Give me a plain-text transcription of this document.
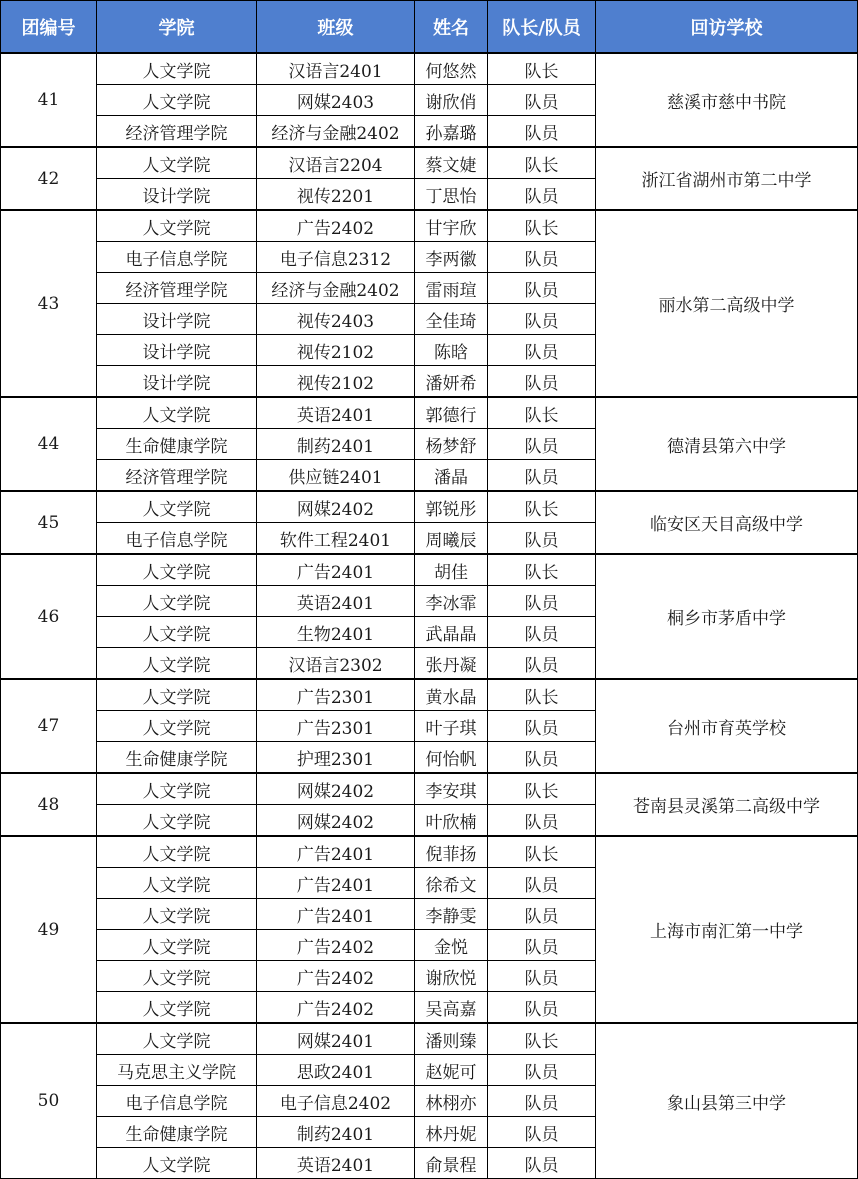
团编号	学院	班级	姓名	队长/队员	回访学校
41	人文学院	汉语言2401	何悠然	队长	慈溪市慈中书院
	人文学院	网媒2403	谢欣俏	队员	
	经济管理学院	经济与金融2402	孙嘉璐	队员	
42	人文学院	汉语言2204	蔡文婕	队长	浙江省湖州市第二中学
	设计学院	视传2201	丁思怡	队员	
43	人文学院	广告2402	甘宇欣	队长	丽水第二高级中学
	电子信息学院	电子信息2312	李两徽	队员	
	经济管理学院	经济与金融2402	雷雨瑄	队员	
	设计学院	视传2403	全佳琦	队员	
	设计学院	视传2102	陈晗	队员	
	设计学院	视传2102	潘妍希	队员	
44	人文学院	英语2401	郭德行	队长	德清县第六中学
	生命健康学院	制药2401	杨梦舒	队员	
	经济管理学院	供应链2401	潘晶	队员	
45	人文学院	网媒2402	郭锐彤	队长	临安区天目高级中学
	电子信息学院	软件工程2401	周曦辰	队员	
46	人文学院	广告2401	胡佳	队长	桐乡市茅盾中学
	人文学院	英语2401	李冰霏	队员	
	人文学院	生物2401	武晶晶	队员	
	人文学院	汉语言2302	张丹凝	队员	
47	人文学院	广告2301	黄水晶	队长	台州市育英学校
	人文学院	广告2301	叶子琪	队员	
	生命健康学院	护理2301	何怡帆	队员	
48	人文学院	网媒2402	李安琪	队长	苍南县灵溪第二高级中学
	人文学院	网媒2402	叶欣楠	队员	
49	人文学院	广告2401	倪菲扬	队长	上海市南汇第一中学
	人文学院	广告2401	徐希文	队员	
	人文学院	广告2401	李静雯	队员	
	人文学院	广告2402	金悦	队员	
	人文学院	广告2402	谢欣悦	队员	
	人文学院	广告2402	吴高嘉	队员	
50	人文学院	网媒2401	潘则臻	队长	象山县第三中学
	马克思主义学院	思政2401	赵妮可	队员	
	电子信息学院	电子信息2402	林栩亦	队员	
	生命健康学院	制药2401	林丹妮	队员	
	人文学院	英语2401	俞景程	队员	
